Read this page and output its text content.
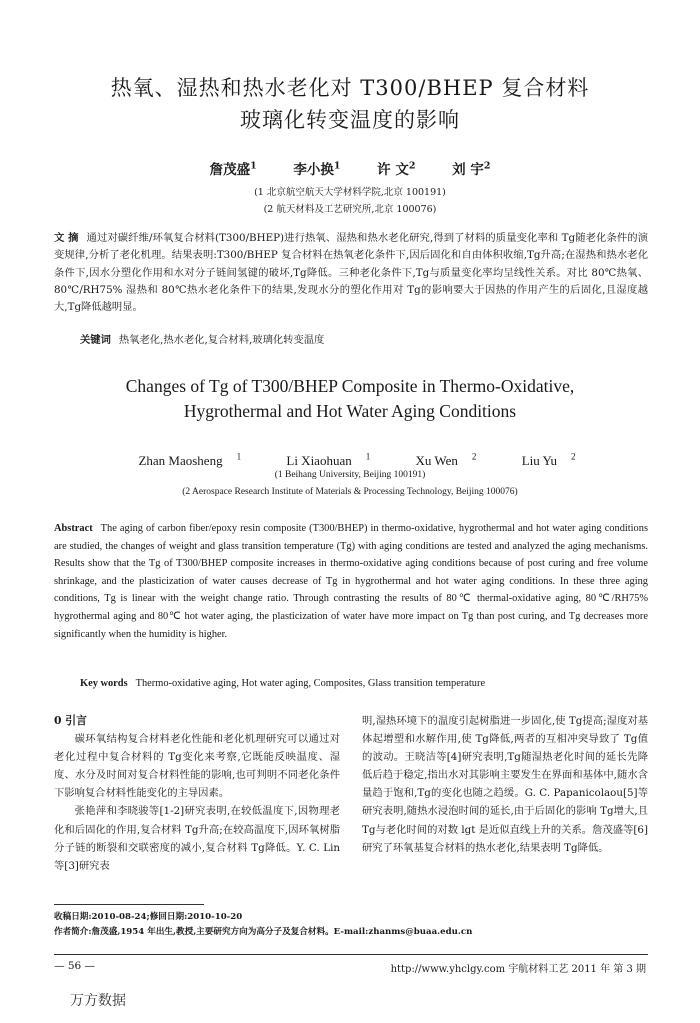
热氧、湿热和热水老化对 T300/BHEP 复合材料
玻璃化转变温度的影响
詹茂盛$^1$	李小换$^1$	许 文$^2$	刘 宇$^2$
(1 北京航空航天大学材料学院,北京 100191)
(2 航天材料及工艺研究所,北京 100076)
文 摘 通过对碳纤维/环氧复合材料(T300/BHEP)进行热氧、湿热和热水老化研究,得到了材料的质量变化率和 Tg随老化条件的演变规律,分析了老化机理。结果表明:T300/BHEP 复合材料在热氧老化条件下,因后固化和自由体积收缩,Tg升高;在湿热和热水老化条件下,因水分塑化作用和水对分子链间氢键的破坏,Tg降低。三种老化条件下,Tg与质量变化率均呈线性关系。对比 80℃热氧、80℃/RH75% 湿热和 80℃热水老化条件下的结果,发现水分的塑化作用对 Tg的影响要大于因热的作用产生的后固化,且湿度越大,Tg降低越明显。
关键词 热氧老化,热水老化,复合材料,玻璃化转变温度
Changes of Tg of T300/BHEP Composite in Thermo-Oxidative,
Hygrothermal and Hot Water Aging Conditions
Zhan Maosheng $^1$	Li Xiaohuan $^1$	Xu Wen $^2$	Liu Yu $^2$
(1 Beihang University, Beijing 100191)
(2 Aerospace Research Institute of Materials & Processing Technology, Beijing 100076)
Abstract The aging of carbon fiber/epoxy resin composite (T300/BHEP) in thermo-oxidative, hygrothermal and hot water aging conditions are studied, the changes of weight and glass transition temperature (Tg) with aging conditions are tested and analyzed the aging mechanisms. Results show that the Tg of T300/BHEP composite increases in thermo-oxidative aging conditions because of post curing and free volume shrinkage, and the plasticization of water causes decrease of Tg in hygrothermal and hot water aging conditions. In these three aging conditions, Tg is linear with the weight change ratio. Through contrasting the results of 80℃ thermal-oxidative aging, 80℃/RH75% hygrothermal aging and 80℃ hot water aging, the plasticization of water have more impact on Tg than post curing, and Tg decreases more significantly when the humidity is higher.
Key words Thermo-oxidative aging, Hot water aging, Composites, Glass transition temperature
0 引言

碳环氧结构复合材料老化性能和老化机理研究可以通过对老化过程中复合材料的 Tg变化来考察,它既能反映温度、湿度、水分及时间对复合材料性能的影响,也可判明不同老化条件下影响复合材料性能变化的主导因素。

张艳萍和李晓骏等[1-2]研究表明,在较低温度下,因物理老化和后固化的作用,复合材料 Tg升高;在较高温度下,因环氧树脂分子链的断裂和交联密度的减小,复合材料 Tg降低。Y. C. Lin 等[3]研究表

明,湿热环境下的温度引起树脂进一步固化,使 Tg提高;湿度对基体起增塑和水解作用,使 Tg降低,两者的互相冲突导致了 Tg值的波动。王晓洁等[4]研究表明,Tg随湿热老化时间的延长先降低后趋于稳定,指出水对其影响主要发生在界面和基体中,随水含量趋于饱和,Tg的变化也随之趋缓。G. C. Papanicolaou[5]等研究表明,随热水浸泡时间的延长,由于后固化的影响 Tg增大,且 Tg与老化时间的对数 lgt 是近似直线上升的关系。詹茂盛等[6]研究了环氧基复合材料的热水老化,结果表明 Tg降低。

收稿日期:2010-08-24;修回日期:2010-10-20
作者简介:詹茂盛,1954 年出生,教授,主要研究方向为高分子及复合材料。E-mail:zhanms@buaa.edu.cn
— 56 —	http://www.yhclgy.com 宇航材料工艺 2011 年 第 3 期
万方数据
